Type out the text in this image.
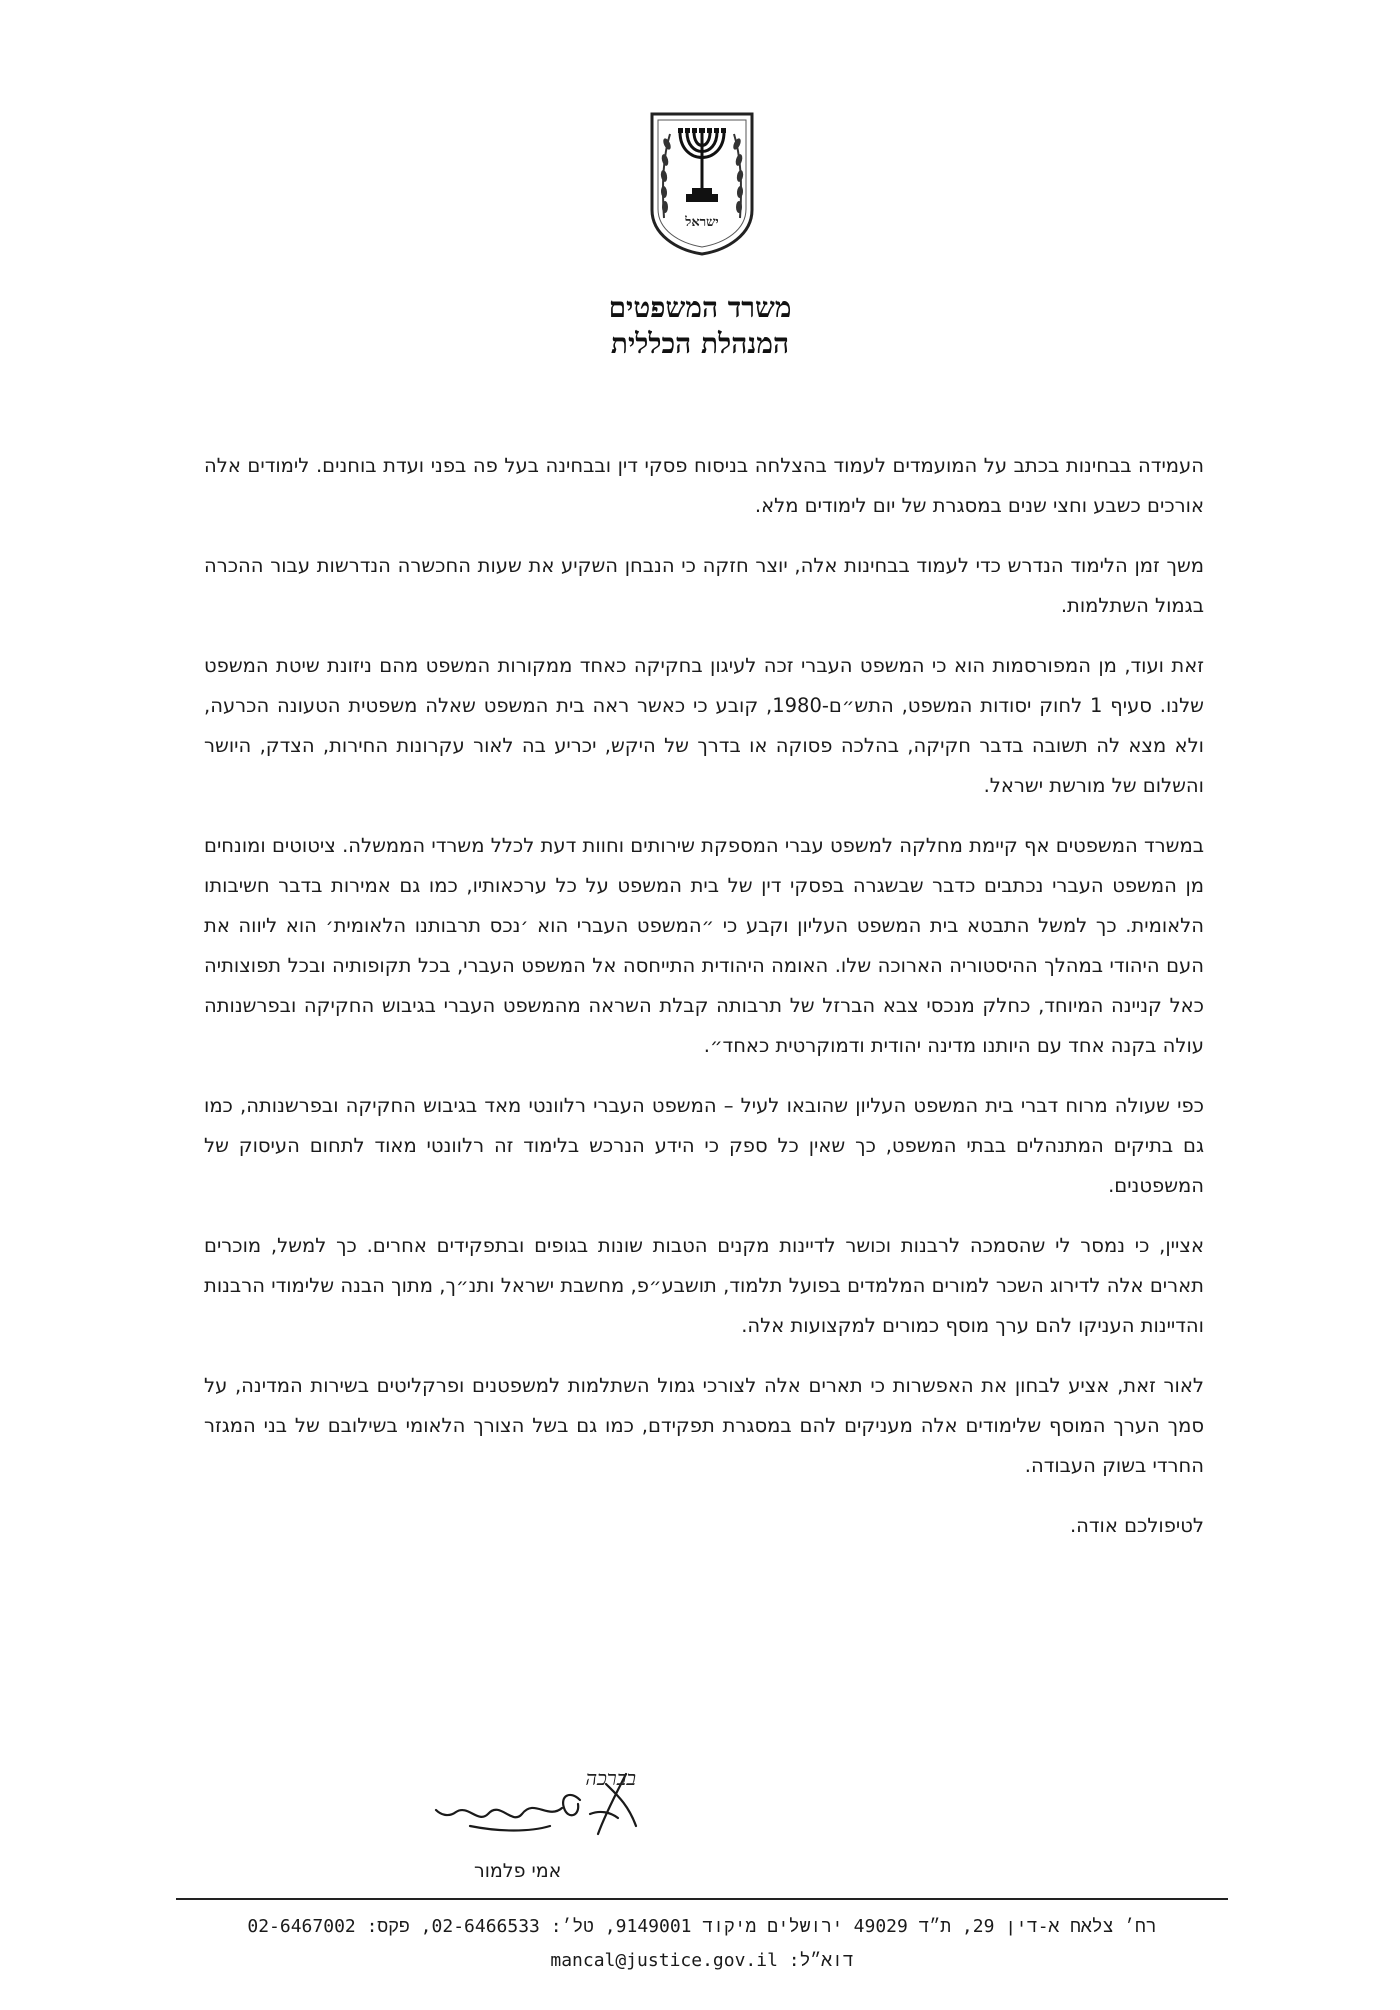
ישראל
משרד המשפטים
המנהלת הכללית

העמידה בבחינות בכתב על המועמדים לעמוד בהצלחה בניסוח פסקי דין ובבחינה בעל פה בפני ועדת בוחנים. לימודים אלה אורכים כשבע וחצי שנים במסגרת של יום לימודים מלא.

משך זמן הלימוד הנדרש כדי לעמוד בבחינות אלה, יוצר חזקה כי הנבחן השקיע את שעות החכשרה הנדרשות עבור ההכרה בגמול השתלמות.

זאת ועוד, מן המפורסמות הוא כי המשפט העברי זכה לעיגון בחקיקה כאחד ממקורות המשפט מהם ניזונת שיטת המשפט שלנו. סעיף 1 לחוק יסודות המשפט, התש״ם-1980, קובע כי כאשר ראה בית המשפט שאלה משפטית הטעונה הכרעה, ולא מצא לה תשובה בדבר חקיקה, בהלכה פסוקה או בדרך של היקש, יכריע בה לאור עקרונות החירות, הצדק, היושר והשלום של מורשת ישראל.

במשרד המשפטים אף קיימת מחלקה למשפט עברי המספקת שירותים וחוות דעת לכלל משרדי הממשלה. ציטוטים ומונחים מן המשפט העברי נכתבים כדבר שבשגרה בפסקי דין של בית המשפט על כל ערכאותיו, כמו גם אמירות בדבר חשיבותו הלאומית. כך למשל התבטא בית המשפט העליון וקבע כי ״המשפט העברי הוא ׳נכס תרבותנו הלאומית׳ הוא ליווה את העם היהודי במהלך ההיסטוריה הארוכה שלו. האומה היהודית התייחסה אל המשפט העברי, בכל תקופותיה ובכל תפוצותיה כאל קניינה המיוחד, כחלק מנכסי צבא הברזל של תרבותה קבלת השראה מהמשפט העברי בגיבוש החקיקה ובפרשנותה עולה בקנה אחד עם היותנו מדינה יהודית ודמוקרטית כאחד״.

כפי שעולה מרוח דברי בית המשפט העליון שהובאו לעיל – המשפט העברי רלוונטי מאד בגיבוש החקיקה ובפרשנותה, כמו גם בתיקים המתנהלים בבתי המשפט, כך שאין כל ספק כי הידע הנרכש בלימוד זה רלוונטי מאוד לתחום העיסוק של המשפטנים.

אציין, כי נמסר לי שהסמכה לרבנות וכושר לדיינות מקנים הטבות שונות בגופים ובתפקידים אחרים. כך למשל, מוכרים תארים אלה לדירוג השכר למורים המלמדים בפועל תלמוד, תושבע״פ, מחשבת ישראל ותנ״ך, מתוך הבנה שלימודי הרבנות והדיינות העניקו להם ערך מוסף כמורים למקצועות אלה.

לאור זאת, אציע לבחון את האפשרות כי תארים אלה לצורכי גמול השתלמות למשפטנים ופרקליטים בשירות המדינה, על סמך הערך המוסף שלימודים אלה מעניקים להם במסגרת תפקידם, כמו גם בשל הצורך הלאומי בשילובם של בני המגזר החרדי בשוק העבודה.

לטיפולכם אודה.

בברכה
אמי פלמור
רח׳ צלאח א-דין 29, ת״ד 49029 ירושלים מיקוד 9149001, טל׳: 02-6466533, פקס: 02-6467002
דוא״ל: mancal@justice.gov.il
